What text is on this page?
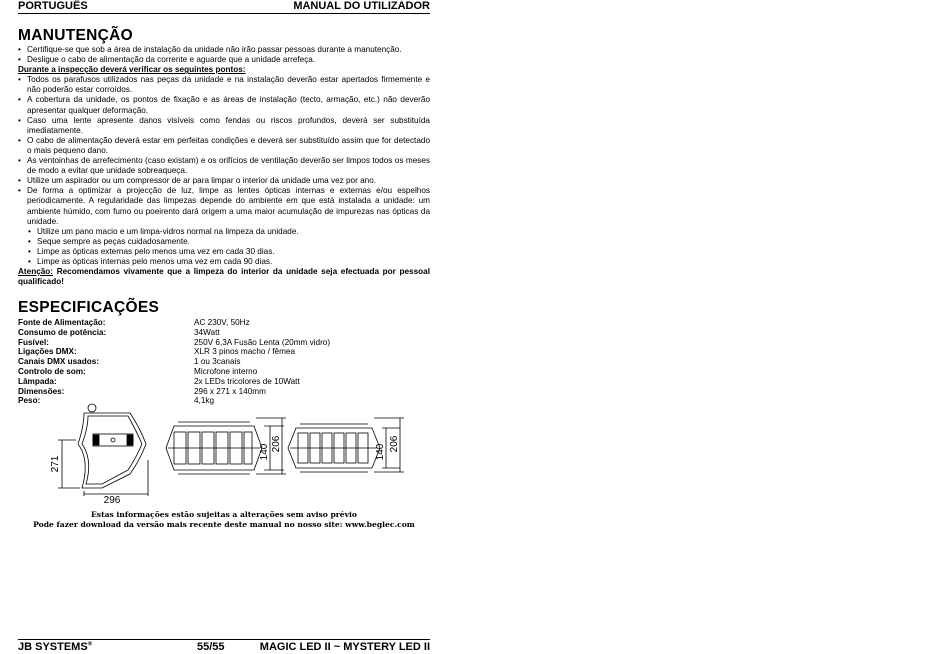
PORTUGUÊS	MANUAL DO UTILIZADOR
MANUTENÇÃO
• Certifique-se que sob a área de instalação da unidade não irão passar pessoas durante a manutenção.
• Desligue o cabo de alimentação da corrente e aguarde que a unidade arrefeça.
Durante a inspecção deverá verificar os seguintes pontos:
• Todos os parafusos utilizados nas peças da unidade e na instalação deverão estar apertados firmemente e não poderão estar corroídos.
• A cobertura da unidade, os pontos de fixação e as áreas de instalação (tecto, armação, etc.) não deverão apresentar qualquer deformação.
• Caso uma lente apresente danos visíveis como fendas ou riscos profundos, deverá ser substituída imediatamente.
• O cabo de alimentação deverá estar em perfeitas condições e deverá ser substituído assim que for detectado o mais pequeno dano.
• As ventoinhas de arrefecimento (caso existam) e os orifícios de ventilação deverão ser limpos todos os meses de modo a evitar que unidade sobreaqueça.
• Utilize um aspirador ou um compressor de ar para limpar o interior da unidade uma vez por ano.
• De forma a optimizar a projecção de luz, limpe as lentes ópticas internas e externas e/ou espelhos periodicamente. A regularidade das limpezas depende do ambiente em que está instalada a unidade: um ambiente húmido, com fumo ou poeirento dará origem a uma maior acumulação de impurezas nas ópticas da unidade.
• Utilize um pano macio e um limpa-vidros normal na limpeza da unidade.
• Seque sempre as peças cuidadosamente.
• Limpe as ópticas externas pelo menos uma vez em cada 30 dias.
• Limpe as ópticas internas pelo menos uma vez em cada 90 dias.
Atenção: Recomendamos vivamente que a limpeza do interior da unidade seja efectuada por pessoal qualificado!
ESPECIFICAÇÕES
Fonte de Alimentação:	AC 230V, 50Hz
Consumo de potência:	34Watt
Fusível:	250V 6,3A Fusão Lenta (20mm vidro)
Ligações DMX:	XLR 3 pinos macho / fêmea
Canais DMX usados:	1 ou 3canais
Controlo de som:	Microfone interno
Lâmpada:	2x LEDs tricolores de 10Watt
Dimensões:	296 x 271 x 140mm
Peso:	4,1kg
Estas informações estão sujeitas a alterações sem aviso prévio
Pode fazer download da versão mais recente deste manual no nosso site: www.beglec.com
JB SYSTEMS®	55/55	MAGIC LED II ~ MYSTERY LED II
271
296
140 206	140 206
